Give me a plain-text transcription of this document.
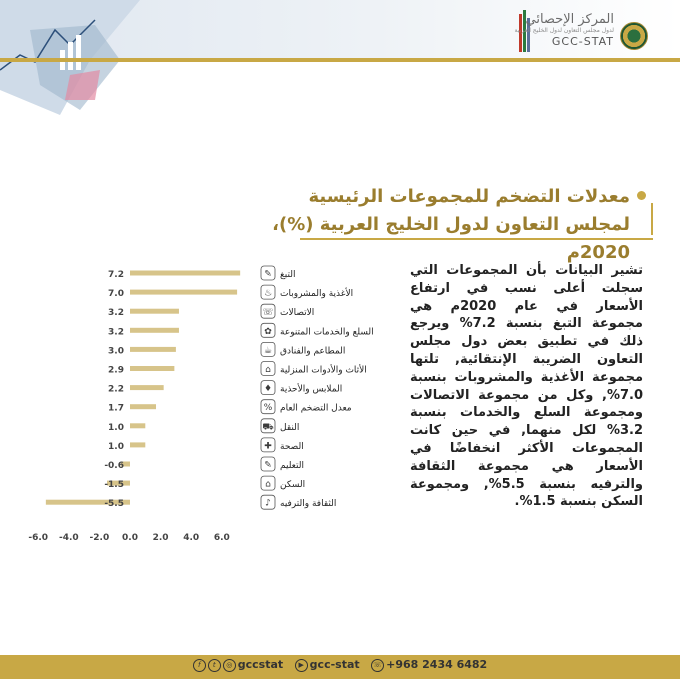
المركز الإحصائي
لدول مجلس التعاون لدول الخليج العربية
GCC-STAT
معدلات التضخم للمجموعات الرئيسية
لمجلس التعاون لدول الخليج العربية (%)، 2020م
تشير البيانات بأن المجموعات التي سجلت أعلى نسب في ارتفاع الأسعار في عام 2020م هي مجموعة التبغ بنسبة 7.2% ويرجع ذلك في تطبيق بعض دول مجلس التعاون الضريبة الإنتقائية, تلتها مجموعة الأغذية والمشروبات بنسبة 7.0%, وكل من مجموعة الاتصالات ومجموعة السلع والخدمات بنسبة 3.2% لكل منهما, في حين كانت المجموعات الأكثر انخفاضًا في الأسعار هي مجموعة الثقافة والترفيه بنسبة 5.5%, ومجموعة السكن بنسبة 1.5%.
7.2	✎ التبغ
7.0	♨ الأغذية والمشروبات
3.2	☏ الاتصالات
3.2	✿ السلع والخدمات المتنوعة
3.0	☕ المطاعم والفنادق
2.9	⌂ الأثاث والأدوات المنزلية
2.2	♦ الملابس والأحذية
1.7	% معدل التضخم العام
1.0	⛟ النقل
1.0	✚ الصحة
-0.6	✎ التعليم
-1.5	⌂ السكن
-5.5	♪ الثقافة والترفيه
-6.0 -4.0 -2.0 0.0 2.0 4.0 6.0
f t ◎ gccstat ▶ gcc-stat ☏ +968 2434 6482
